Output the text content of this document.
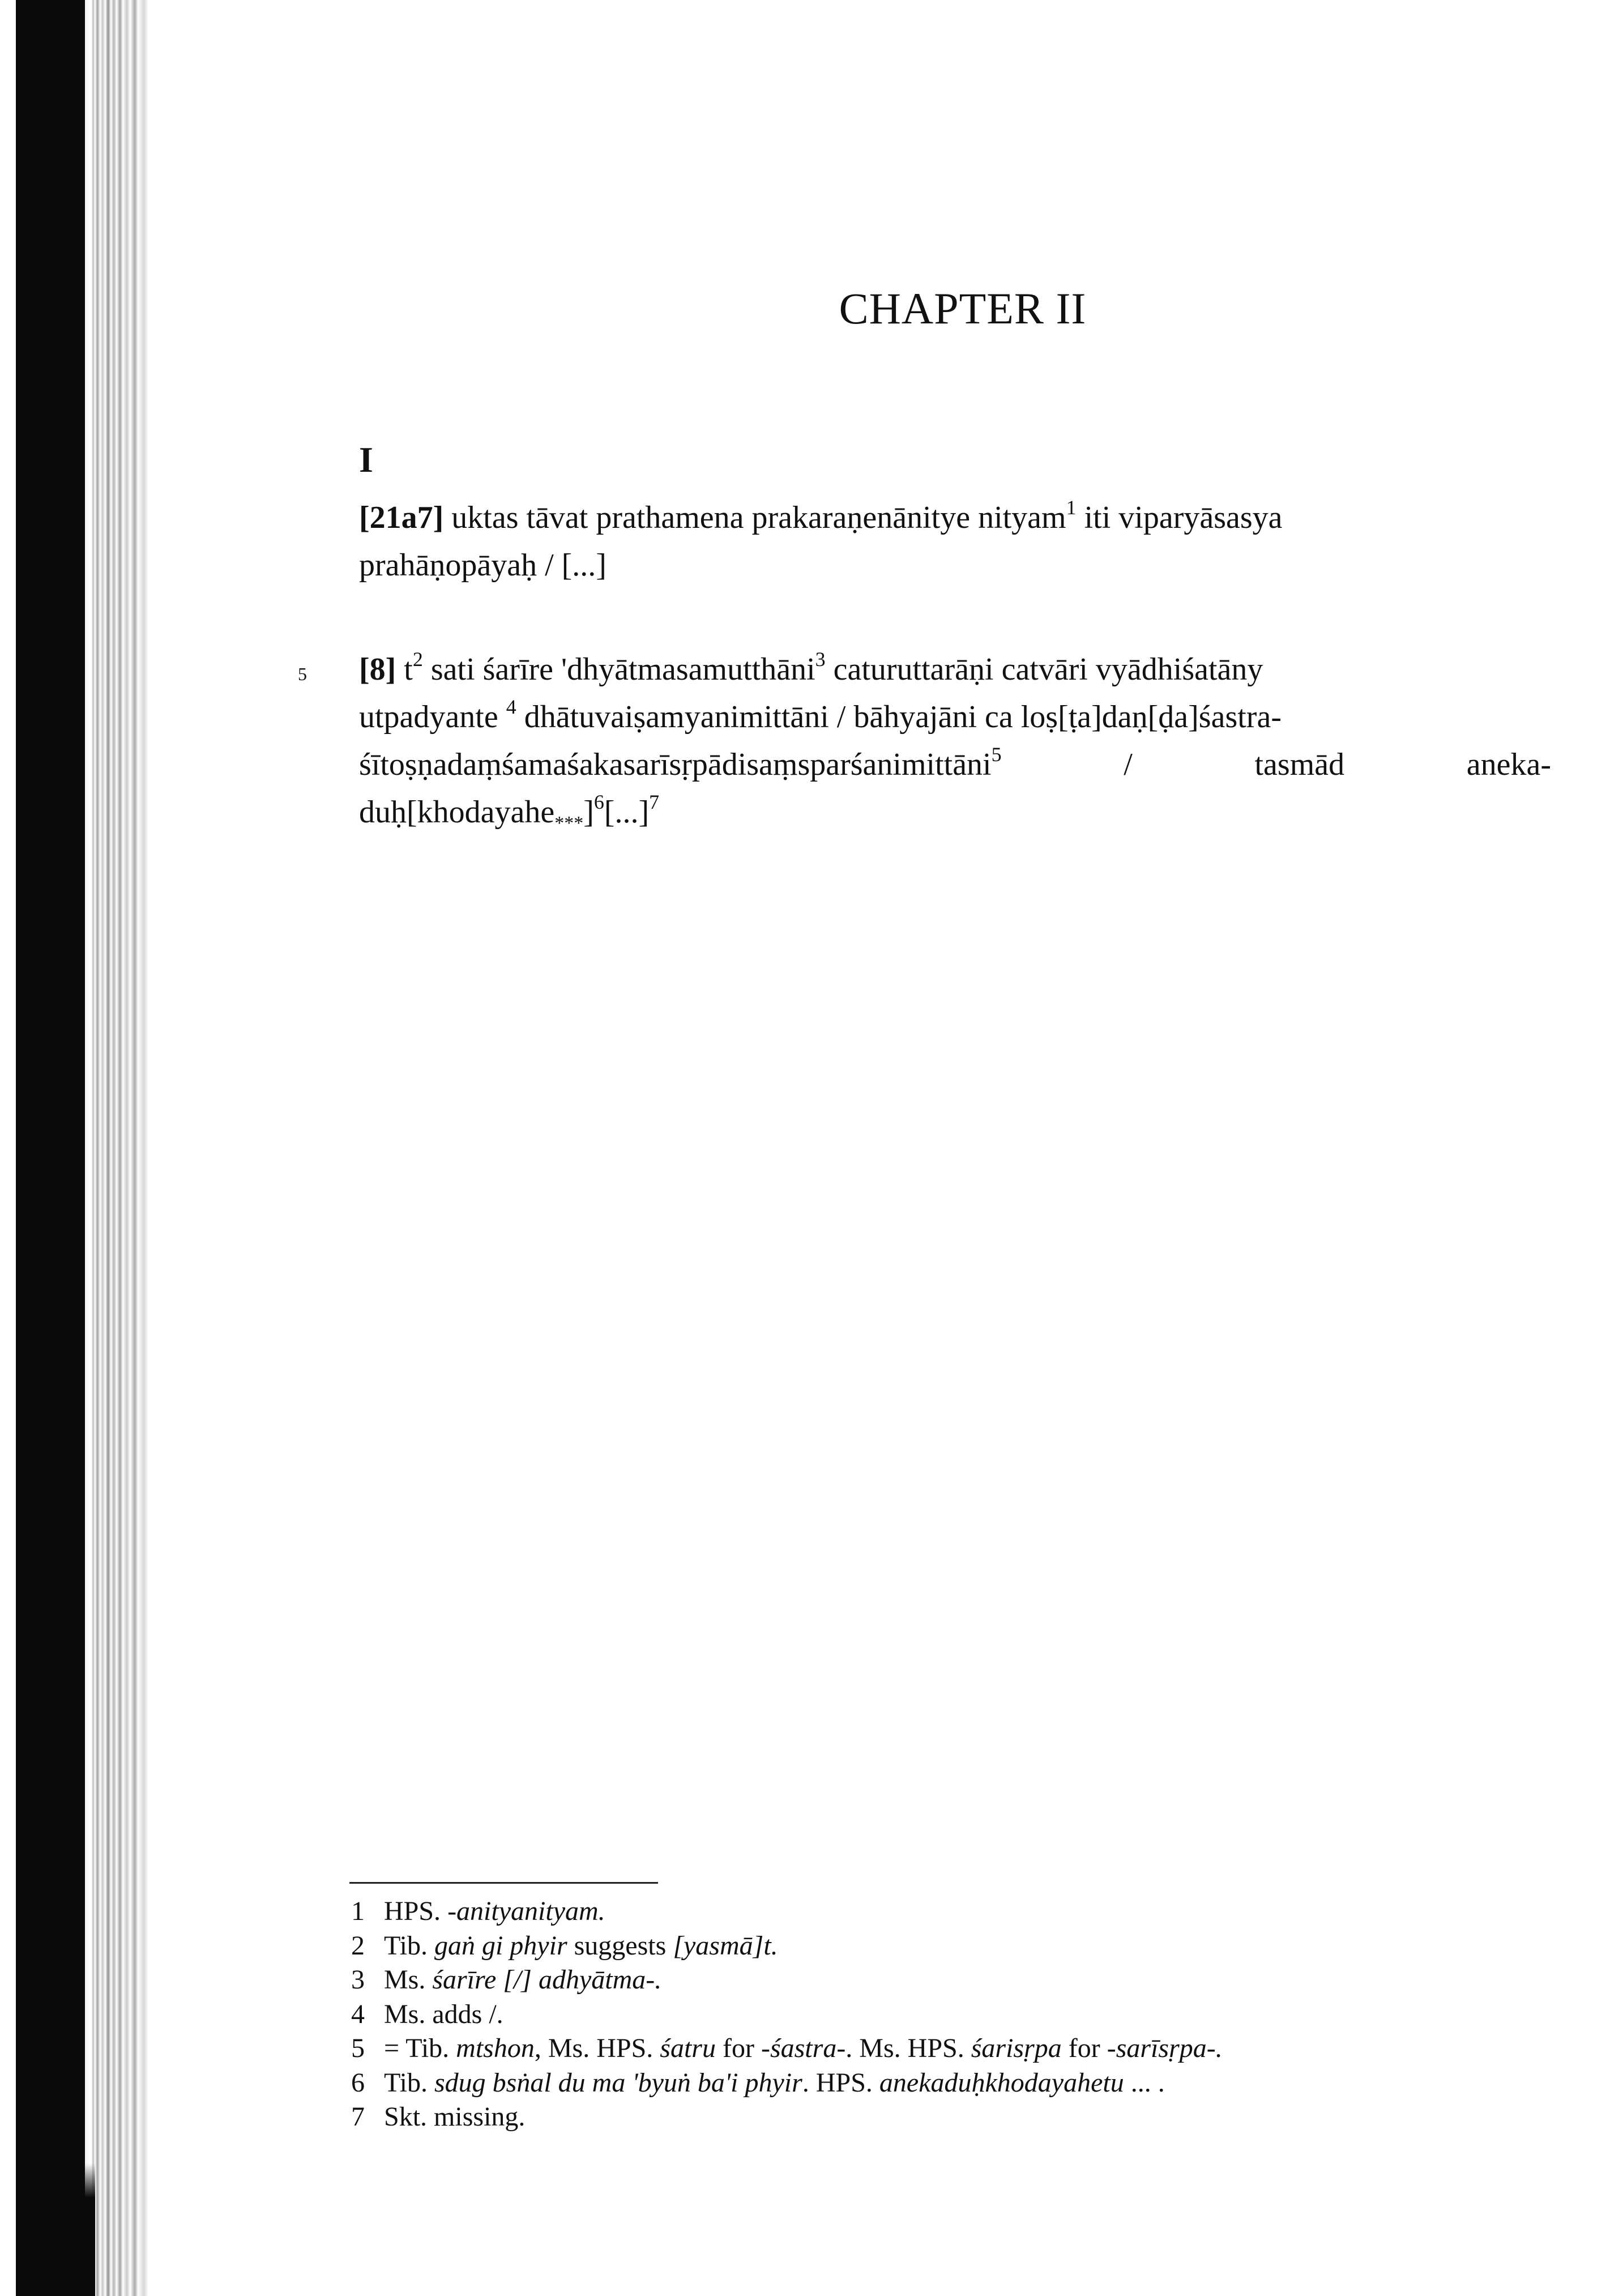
CHAPTER II
I
[21a7] uktas tāvat prathamena prakaraṇenānitye nityam$^1$ iti viparyāsasya
prahāṇopāyaḥ / [...]
5 [8] $t^2$ sati śarīre 'dhyātmasamutthāni$^3$ caturuttarāṇi catvāri vyādhiśatāny
utpadyante $^4$ dhātuvaiṣamyanimittāni / bāhyajāni ca loṣ[ṭa]daṇ[ḍa]śastra-
śītoṣṇadaṃśamaśakasarīsṛpādisaṃsparśanimittāni$^5$ / tasmād aneka-
duḥ[khodayahe$_{***}$]$^6$[...]$^7$
1 HPS. -anityanityam.
2 Tib. gaṅ gi phyir suggests [yasmā]t.
3 Ms. śarīre [/] adhyātma-.
4 Ms. adds /.
5 = Tib. mtshon, Ms. HPS. śatru for -śastra-. Ms. HPS. śarisṛpa for -sarīsṛpa-.
6 Tib. sdug bsṅal du ma 'byuṅ ba'i phyir. HPS. anekaduḥkhodayahetu ... .
7 Skt. missing.
